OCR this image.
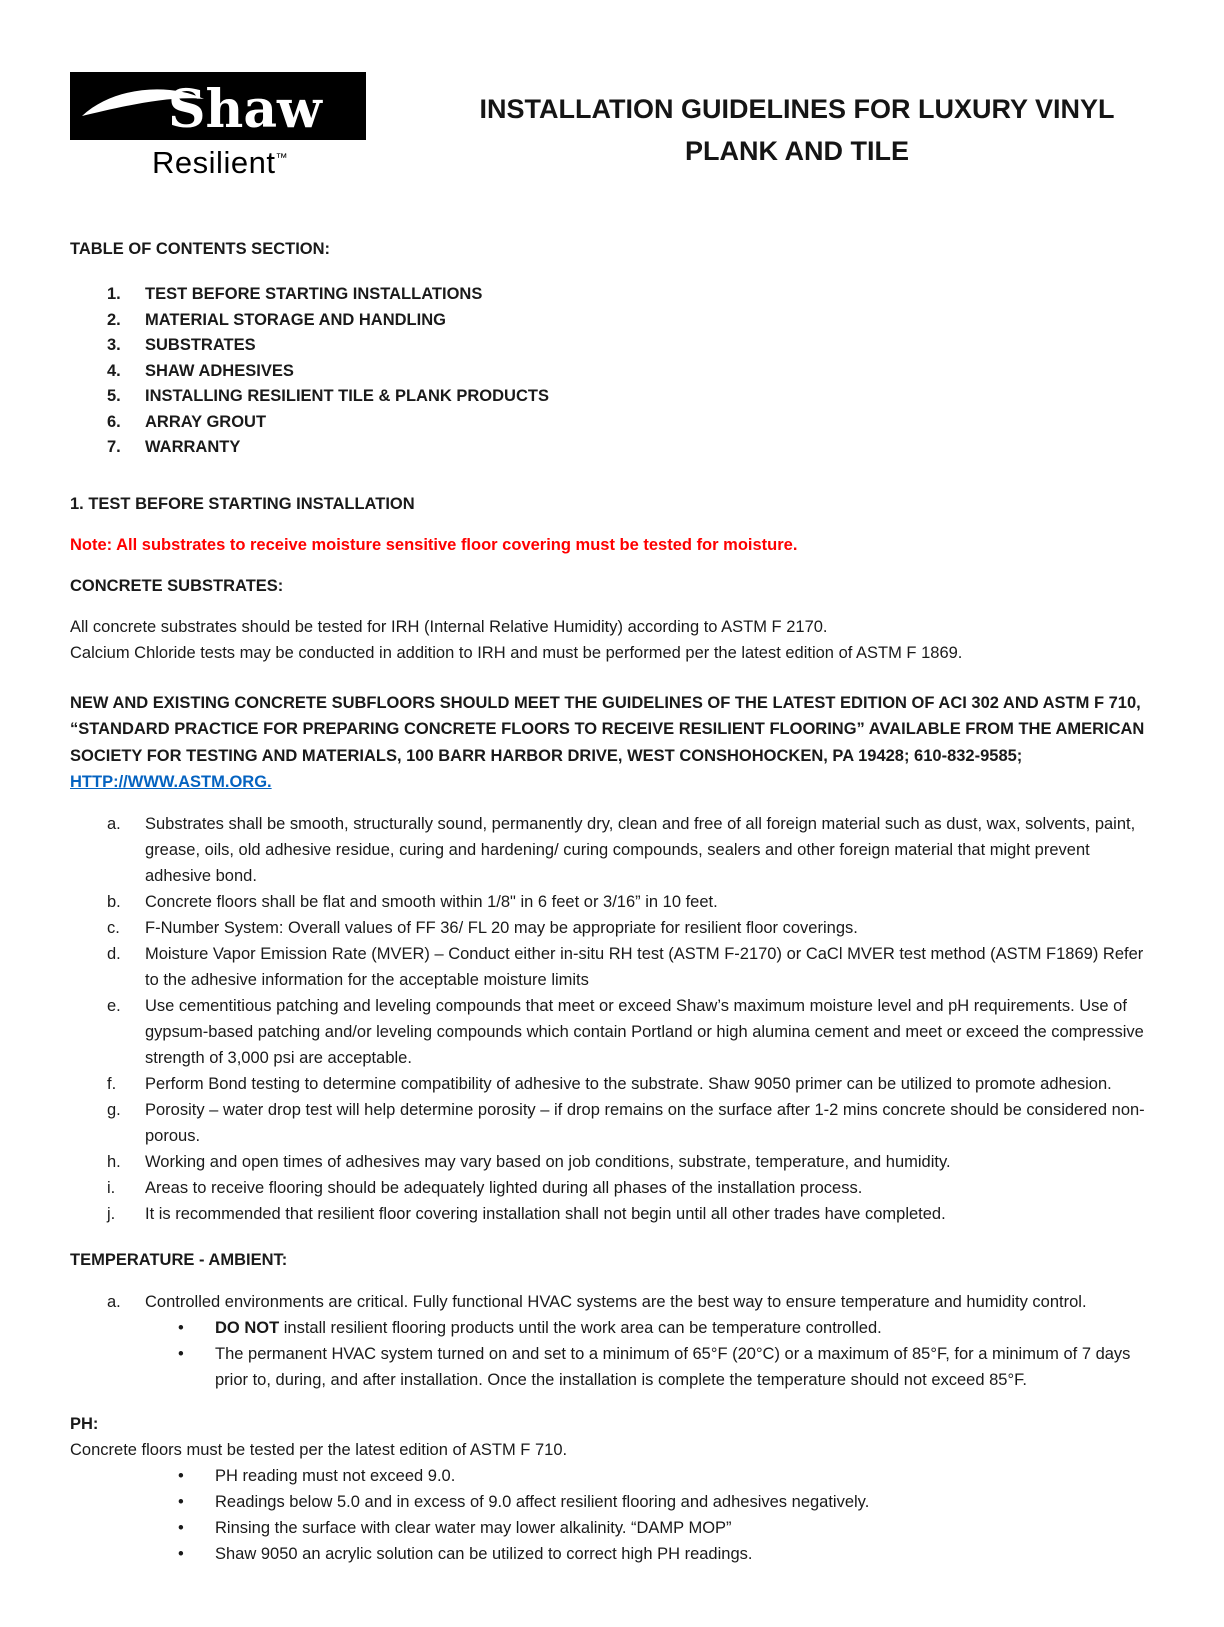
Shaw
Resilient™
INSTALLATION GUIDELINES FOR LUXURY VINYL
PLANK AND TILE
TABLE OF CONTENTS SECTION:
1.	TEST BEFORE STARTING INSTALLATIONS
2.	MATERIAL STORAGE AND HANDLING
3.	SUBSTRATES
4.	SHAW ADHESIVES
5.	INSTALLING RESILIENT TILE & PLANK PRODUCTS
6.	ARRAY GROUT
7.	WARRANTY
1. TEST BEFORE STARTING INSTALLATION
Note: All substrates to receive moisture sensitive floor covering must be tested for moisture.
CONCRETE SUBSTRATES:
All concrete substrates should be tested for IRH (Internal Relative Humidity) according to ASTM F 2170.
Calcium Chloride tests may be conducted in addition to IRH and must be performed per the latest edition of ASTM F 1869.
NEW AND EXISTING CONCRETE SUBFLOORS SHOULD MEET THE GUIDELINES OF THE LATEST EDITION OF ACI 302 AND ASTM F 710, “STANDARD PRACTICE FOR PREPARING CONCRETE FLOORS TO RECEIVE RESILIENT FLOORING” AVAILABLE FROM THE AMERICAN SOCIETY FOR TESTING AND MATERIALS, 100 BARR HARBOR DRIVE, WEST CONSHOHOCKEN, PA 19428; 610-832-9585; HTTP://WWW.ASTM.ORG.
a.	Substrates shall be smooth, structurally sound, permanently dry, clean and free of all foreign material such as dust, wax, solvents, paint, grease, oils, old adhesive residue, curing and hardening/ curing compounds, sealers and other foreign material that might prevent adhesive bond.
b.	Concrete floors shall be flat and smooth within 1/8" in 6 feet or 3/16” in 10 feet.
c.	F-Number System: Overall values of FF 36/ FL 20 may be appropriate for resilient floor coverings.
d.	Moisture Vapor Emission Rate (MVER) – Conduct either in-situ RH test (ASTM F-2170) or CaCl MVER test method (ASTM F1869) Refer to the adhesive information for the acceptable moisture limits
e.	Use cementitious patching and leveling compounds that meet or exceed Shaw’s maximum moisture level and pH requirements. Use of gypsum-based patching and/or leveling compounds which contain Portland or high alumina cement and meet or exceed the compressive strength of 3,000 psi are acceptable.
f.	Perform Bond testing to determine compatibility of adhesive to the substrate. Shaw 9050 primer can be utilized to promote adhesion.
g.	Porosity – water drop test will help determine porosity – if drop remains on the surface after 1-2 mins concrete should be considered non-porous.
h.	Working and open times of adhesives may vary based on job conditions, substrate, temperature, and humidity.
i.	Areas to receive flooring should be adequately lighted during all phases of the installation process.
j.	It is recommended that resilient floor covering installation shall not begin until all other trades have completed.
TEMPERATURE - AMBIENT:
a.	Controlled environments are critical. Fully functional HVAC systems are the best way to ensure temperature and humidity control.
•	DO NOT install resilient flooring products until the work area can be temperature controlled.
•	The permanent HVAC system turned on and set to a minimum of 65°F (20°C) or a maximum of 85°F, for a minimum of 7 days prior to, during, and after installation. Once the installation is complete the temperature should not exceed 85°F.
PH:
Concrete floors must be tested per the latest edition of ASTM F 710.
•	PH reading must not exceed 9.0.
•	Readings below 5.0 and in excess of 9.0 affect resilient flooring and adhesives negatively.
•	Rinsing the surface with clear water may lower alkalinity. “DAMP MOP”
•	Shaw 9050 an acrylic solution can be utilized to correct high PH readings.
